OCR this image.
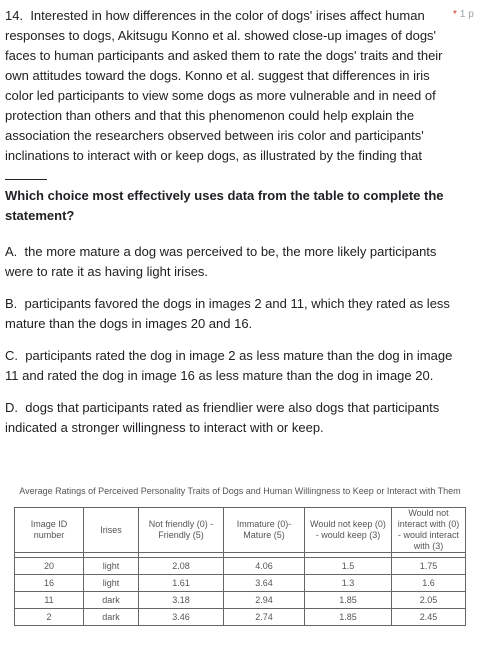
* 1 p

14. Interested in how differences in the color of dogs' irises affect human responses to dogs, Akitsugu Konno et al. showed close-up images of dogs' faces to human participants and asked them to rate the dogs' traits and their own attitudes toward the dogs. Konno et al. suggest that differences in iris color led participants to view some dogs as more vulnerable and in need of protection than others and that this phenomenon could help explain the association the researchers observed between iris color and participants' inclinations to interact with or keep dogs, as illustrated by the finding that

Which choice most effectively uses data from the table to complete the statement?

A. the more mature a dog was perceived to be, the more likely participants were to rate it as having light irises.

B. participants favored the dogs in images 2 and 11, which they rated as less mature than the dogs in images 20 and 16.

C. participants rated the dog in image 2 as less mature than the dog in image 11 and rated the dog in image 16 as less mature than the dog in image 20.

D. dogs that participants rated as friendlier were also dogs that participants indicated a stronger willingness to interact with or keep.

Average Ratings of Perceived Personality Traits of Dogs and Human Willingness to Keep or Interact with Them

Image ID number	Irises	Not friendly (0) - Friendly (5)	Immature (0)-Mature (5)	Would not keep (0) - would keep (3)	Would not interact with (0) - would interact with (3)

20	light	2.08	4.06	1.5	1.75
16	light	1.61	3.64	1.3	1.6
11	dark	3.18	2.94	1.85	2.05
2	dark	3.46	2.74	1.85	2.45
